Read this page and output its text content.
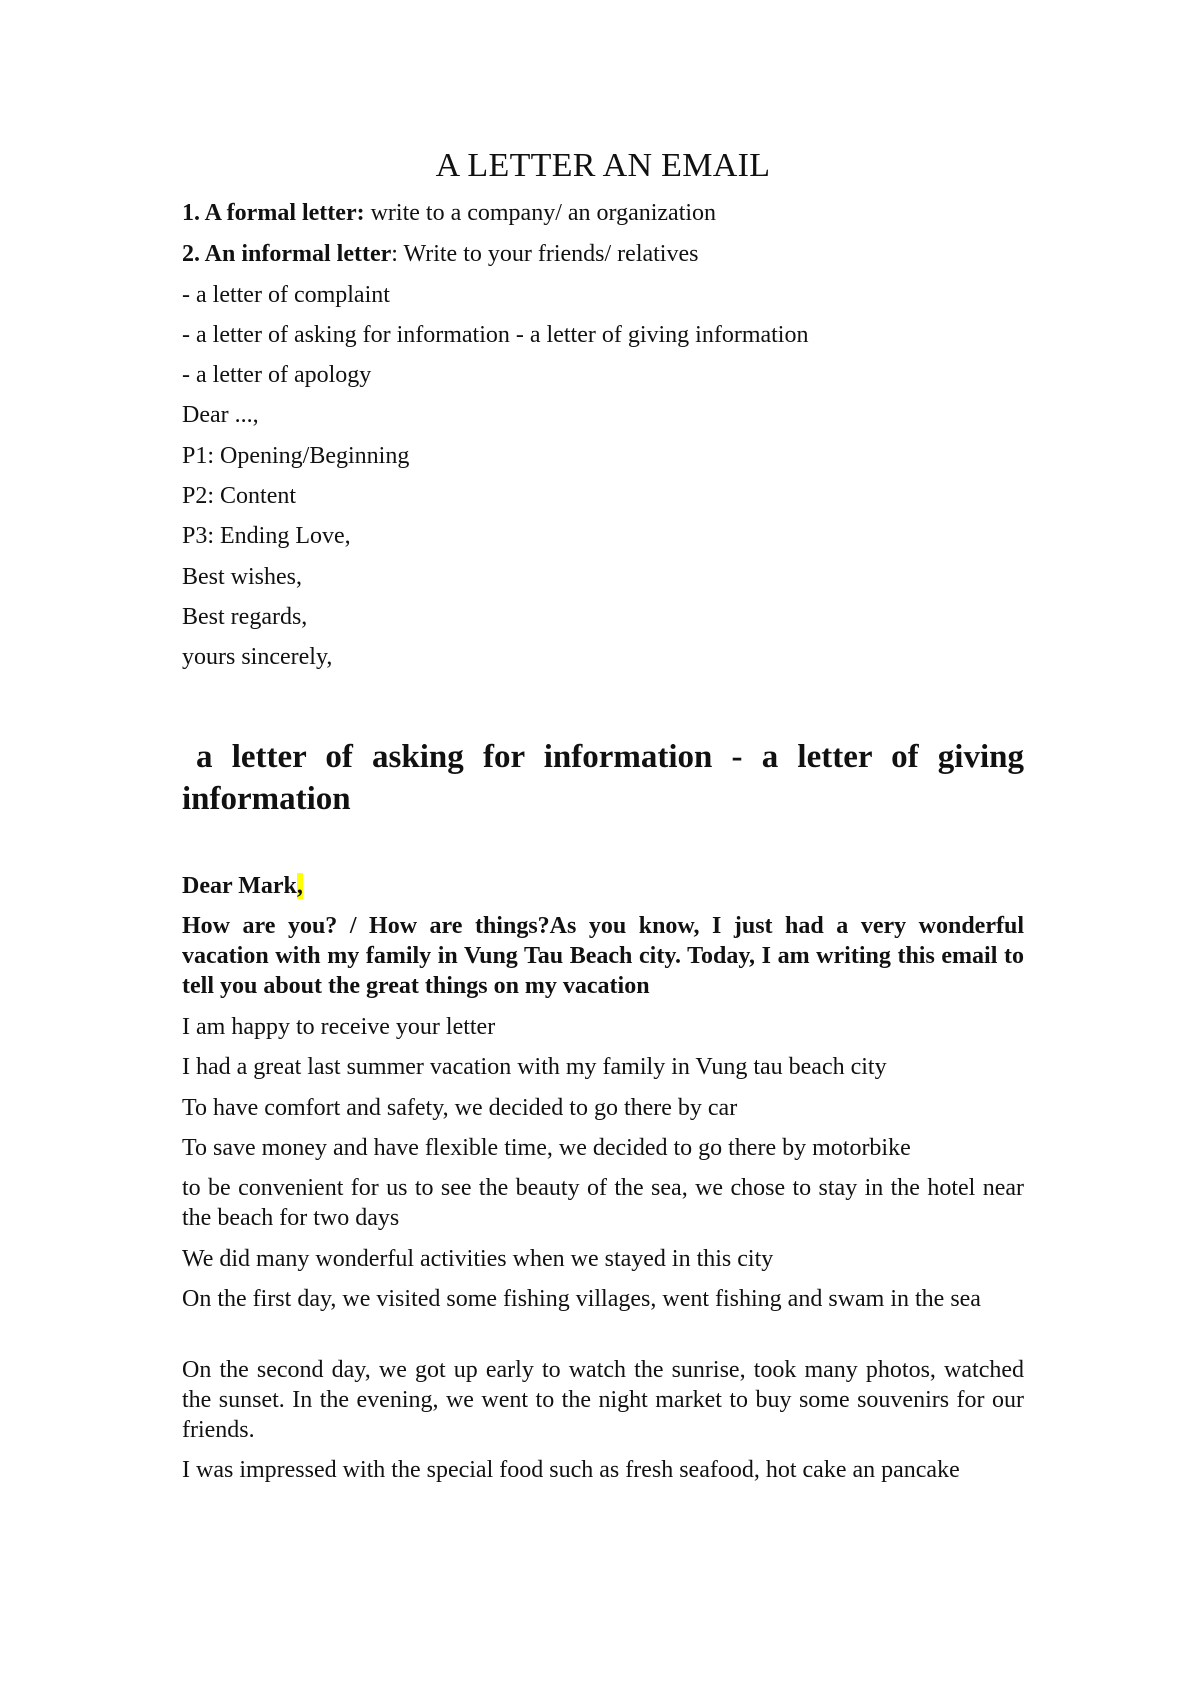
A LETTER AN EMAIL

1. A formal letter: write to a company/ an organization

2. An informal letter: Write to your friends/ relatives

- a letter of complaint

- a letter of asking for information - a letter of giving information

- a letter of apology

Dear ...,

P1: Opening/Beginning

P2: Content

P3: Ending Love,

Best wishes,

Best regards,

yours sincerely,

a letter of asking for information - a letter of giving information

Dear Mark,

How are you? / How are things?As you know, I just had a very wonderful vacation with my family in Vung Tau Beach city. Today, I am writing this email to tell you about the great things on my vacation

I am happy to receive your letter

I had a great last summer vacation with my family in Vung tau beach city

To have comfort and safety, we decided to go there by car

To save money and have flexible time, we decided to go there by motorbike

to be convenient for us to see the beauty of the sea, we chose to stay in the hotel near the beach for two days

We did many wonderful activities when we stayed in this city

On the first day, we visited some fishing villages, went fishing and swam in the sea

On the second day, we got up early to watch the sunrise, took many photos, watched the sunset. In the evening, we went to the night market to buy some souvenirs for our friends.

I was impressed with the special food such as fresh seafood, hot cake an pancake
